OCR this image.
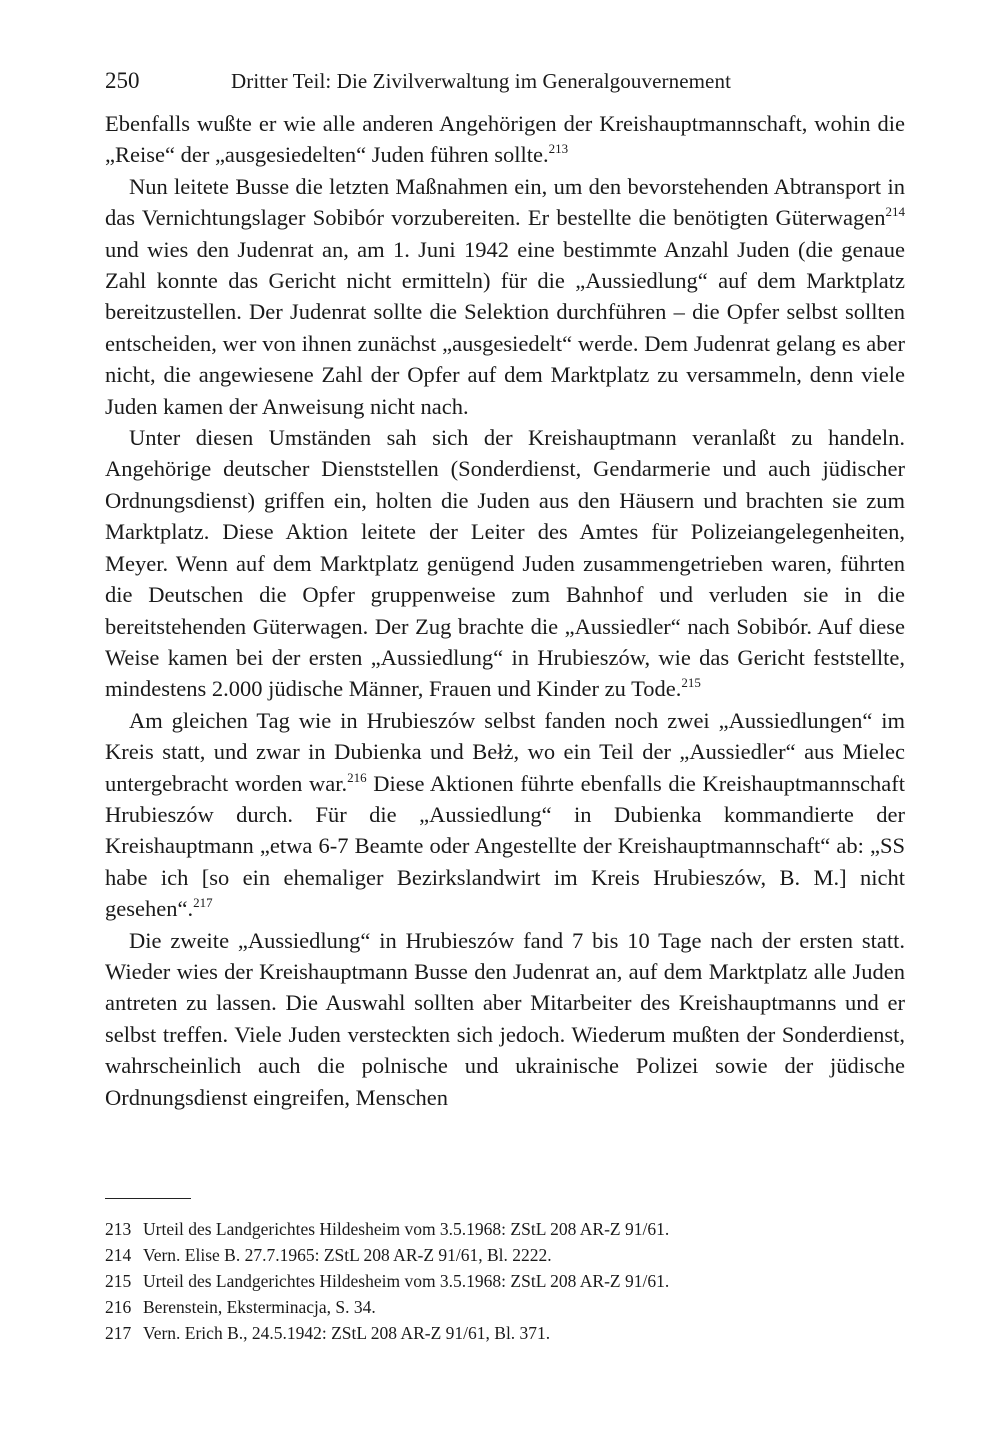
250	Dritter Teil: Die Zivilverwaltung im Generalgouvernement

Ebenfalls wußte er wie alle anderen Angehörigen der Kreishauptmannschaft, wohin die „Reise“ der „ausgesiedelten“ Juden führen sollte.$^{213}$

Nun leitete Busse die letzten Maßnahmen ein, um den bevorstehenden Abtransport in das Vernichtungslager Sobibór vorzubereiten. Er bestellte die benötigten Güterwagen$^{214}$ und wies den Judenrat an, am 1. Juni 1942 eine bestimmte Anzahl Juden (die genaue Zahl konnte das Gericht nicht ermitteln) für die „Aussiedlung“ auf dem Marktplatz bereitzustellen. Der Judenrat sollte die Selektion durchführen – die Opfer selbst sollten entscheiden, wer von ihnen zunächst „ausgesiedelt“ werde. Dem Judenrat gelang es aber nicht, die angewiesene Zahl der Opfer auf dem Marktplatz zu versammeln, denn viele Juden kamen der Anweisung nicht nach.

Unter diesen Umständen sah sich der Kreishauptmann veranlaßt zu handeln. Angehörige deutscher Dienststellen (Sonderdienst, Gendarmerie und auch jüdischer Ordnungsdienst) griffen ein, holten die Juden aus den Häusern und brachten sie zum Marktplatz. Diese Aktion leitete der Leiter des Amtes für Polizeiangelegenheiten, Meyer. Wenn auf dem Marktplatz genügend Juden zusammengetrieben waren, führten die Deutschen die Opfer gruppenweise zum Bahnhof und verluden sie in die bereitstehenden Güterwagen. Der Zug brachte die „Aussiedler“ nach Sobibór. Auf diese Weise kamen bei der ersten „Aussiedlung“ in Hrubieszów, wie das Gericht feststellte, mindestens 2.000 jüdische Männer, Frauen und Kinder zu Tode.$^{215}$

Am gleichen Tag wie in Hrubieszów selbst fanden noch zwei „Aussiedlungen“ im Kreis statt, und zwar in Dubienka und Bełż, wo ein Teil der „Aussiedler“ aus Mielec untergebracht worden war.$^{216}$ Diese Aktionen führte ebenfalls die Kreishauptmannschaft Hrubieszów durch. Für die „Aussiedlung“ in Dubienka kommandierte der Kreishauptmann „etwa 6-7 Beamte oder Angestellte der Kreishauptmannschaft“ ab: „SS habe ich [so ein ehemaliger Bezirkslandwirt im Kreis Hrubieszów, B. M.] nicht gesehen“.$^{217}$

Die zweite „Aussiedlung“ in Hrubieszów fand 7 bis 10 Tage nach der ersten statt. Wieder wies der Kreishauptmann Busse den Judenrat an, auf dem Marktplatz alle Juden antreten zu lassen. Die Auswahl sollten aber Mitarbeiter des Kreishauptmanns und er selbst treffen. Viele Juden versteckten sich jedoch. Wiederum mußten der Sonderdienst, wahrscheinlich auch die polnische und ukrainische Polizei sowie der jüdische Ordnungsdienst eingreifen, Menschen

213 Urteil des Landgerichtes Hildesheim vom 3.5.1968: ZStL 208 AR-Z 91/61.

214 Vern. Elise B. 27.7.1965: ZStL 208 AR-Z 91/61, Bl. 2222.

215 Urteil des Landgerichtes Hildesheim vom 3.5.1968: ZStL 208 AR-Z 91/61.

216 Berenstein, Eksterminacja, S. 34.

217 Vern. Erich B., 24.5.1942: ZStL 208 AR-Z 91/61, Bl. 371.
